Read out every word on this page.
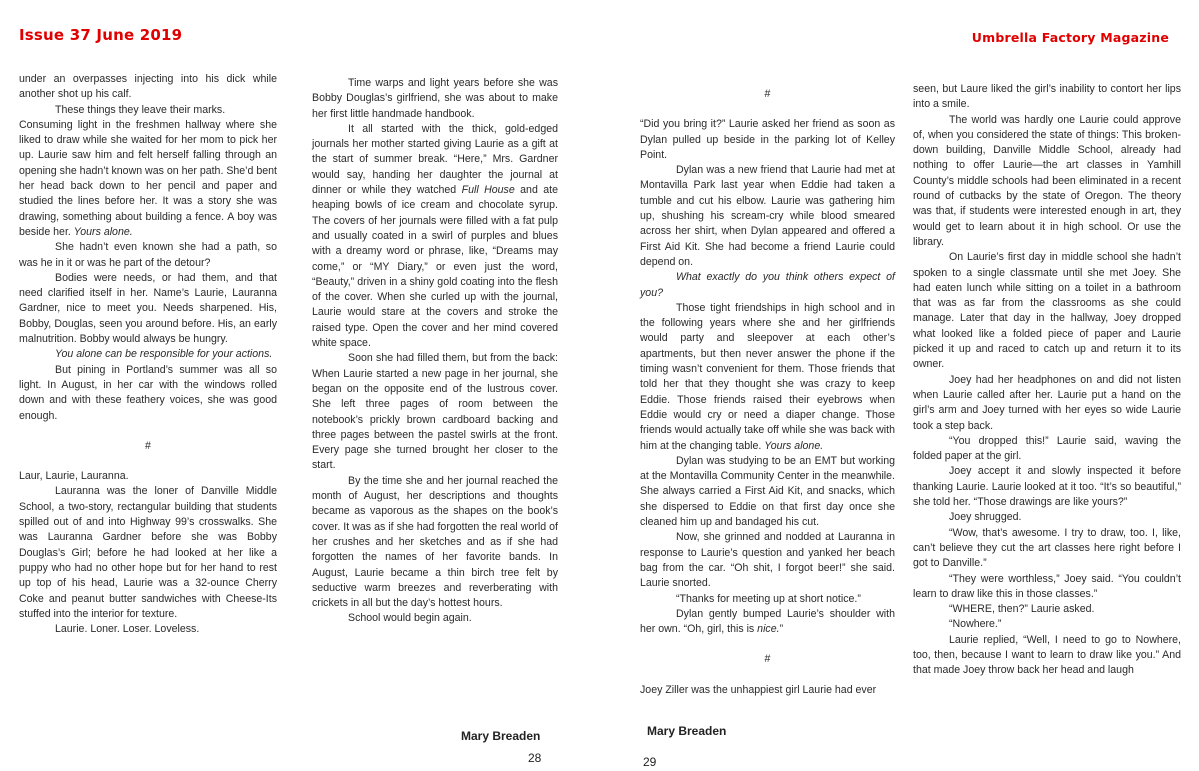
Issue 37 June 2019	Umbrella Factory Magazine

under an overpasses injecting into his dick while another shot up his calf.

These things they leave their marks.

Consuming light in the freshmen hallway where she liked to draw while she waited for her mom to pick her up. Laurie saw him and felt herself falling through an opening she hadn’t known was on her path. She’d bent her head back down to her pencil and paper and studied the lines before her. It was a story she was drawing, something about building a fence. A boy was beside her. Yours alone.

She hadn’t even known she had a path, so was he in it or was he part of the detour?

Bodies were needs, or had them, and that need clarified itself in her. Name’s Laurie, Lauranna Gardner, nice to meet you. Needs sharpened. His, Bobby, Douglas, seen you around before. His, an early malnutrition. Bobby would always be hungry.

You alone can be responsible for your actions.

But pining in Portland’s summer was all so light. In August, in her car with the windows rolled down and with these feathery voices, she was good enough.

#

Laur, Laurie, Lauranna.

Lauranna was the loner of Danville Middle School, a two-story, rectangular building that students spilled out of and into Highway 99’s crosswalks. She was Lauranna Gardner before she was Bobby Douglas’s Girl; before he had looked at her like a puppy who had no other hope but for her hand to rest up top of his head, Laurie was a 32-ounce Cherry Coke and peanut butter sandwiches with Cheese-Its stuffed into the interior for texture.

Laurie. Loner. Loser. Loveless.

Time warps and light years before she was Bobby Douglas’s girlfriend, she was about to make her first little handmade handbook.

It all started with the thick, gold-edged journals her mother started giving Laurie as a gift at the start of summer break. “Here,” Mrs. Gardner would say, handing her daughter the journal at dinner or while they watched Full House and ate heaping bowls of ice cream and chocolate syrup. The covers of her journals were filled with a fat pulp and usually coated in a swirl of purples and blues with a dreamy word or phrase, like, “Dreams may come,” or “MY Diary,” or even just the word, “Beauty,” driven in a shiny gold coating into the flesh of the cover. When she curled up with the journal, Laurie would stare at the covers and stroke the raised type. Open the cover and her mind covered white space.

Soon she had filled them, but from the back: When Laurie started a new page in her journal, she began on the opposite end of the lustrous cover. She left three pages of room between the notebook’s prickly brown cardboard backing and three pages between the pastel swirls at the front. Every page she turned brought her closer to the start.

By the time she and her journal reached the month of August, her descriptions and thoughts became as vaporous as the shapes on the book’s cover. It was as if she had forgotten the real world of her crushes and her sketches and as if she had forgotten the names of her favorite bands. In August, Laurie became a thin birch tree felt by seductive warm breezes and reverberating with crickets in all but the day’s hottest hours.

School would begin again.

#

“Did you bring it?” Laurie asked her friend as soon as Dylan pulled up beside in the parking lot of Kelley Point.

Dylan was a new friend that Laurie had met at Montavilla Park last year when Eddie had taken a tumble and cut his elbow. Laurie was gathering him up, shushing his scream-cry while blood smeared across her shirt, when Dylan appeared and offered a First Aid Kit. She had become a friend Laurie could depend on.

What exactly do you think others expect of you?

Those tight friendships in high school and in the following years where she and her girlfriends would party and sleepover at each other’s apartments, but then never answer the phone if the timing wasn’t convenient for them. Those friends that told her that they thought she was crazy to keep Eddie. Those friends raised their eyebrows when Eddie would cry or need a diaper change. Those friends would actually take off while she was back with him at the changing table. Yours alone.

Dylan was studying to be an EMT but working at the Montavilla Community Center in the meanwhile. She always carried a First Aid Kit, and snacks, which she dispersed to Eddie on that first day once she cleaned him up and bandaged his cut.

Now, she grinned and nodded at Lauranna in response to Laurie’s question and yanked her beach bag from the car. “Oh shit, I forgot beer!” she said. Laurie snorted.

“Thanks for meeting up at short notice.”

Dylan gently bumped Laurie’s shoulder with her own. “Oh, girl, this is nice.”

#

Joey Ziller was the unhappiest girl Laurie had ever

seen, but Laure liked the girl’s inability to contort her lips into a smile.

The world was hardly one Laurie could approve of, when you considered the state of things: This broken-down building, Danville Middle School, already had nothing to offer Laurie—the art classes in Yamhill County’s middle schools had been eliminated in a recent round of cutbacks by the state of Oregon. The theory was that, if students were interested enough in art, they would get to learn about it in high school. Or use the library.

On Laurie’s first day in middle school she hadn’t spoken to a single classmate until she met Joey. She had eaten lunch while sitting on a toilet in a bathroom that was as far from the classrooms as she could manage. Later that day in the hallway, Joey dropped what looked like a folded piece of paper and Laurie picked it up and raced to catch up and return it to its owner.

Joey had her headphones on and did not listen when Laurie called after her. Laurie put a hand on the girl’s arm and Joey turned with her eyes so wide Laurie took a step back.

“You dropped this!” Laurie said, waving the folded paper at the girl.

Joey accept it and slowly inspected it before thanking Laurie. Laurie looked at it too. “It’s so beautiful,” she told her. “Those drawings are like yours?”

Joey shrugged.

“Wow, that’s awesome. I try to draw, too. I, like, can’t believe they cut the art classes here right before I got to Danville.”

“They were worthless,” Joey said. “You couldn’t learn to draw like this in those classes.”

“WHERE, then?” Laurie asked.

“Nowhere.”

Laurie replied, “Well, I need to go to Nowhere, too, then, because I want to learn to draw like you.” And that made Joey throw back her head and laugh

Mary Breaden
28
Mary Breaden
29
